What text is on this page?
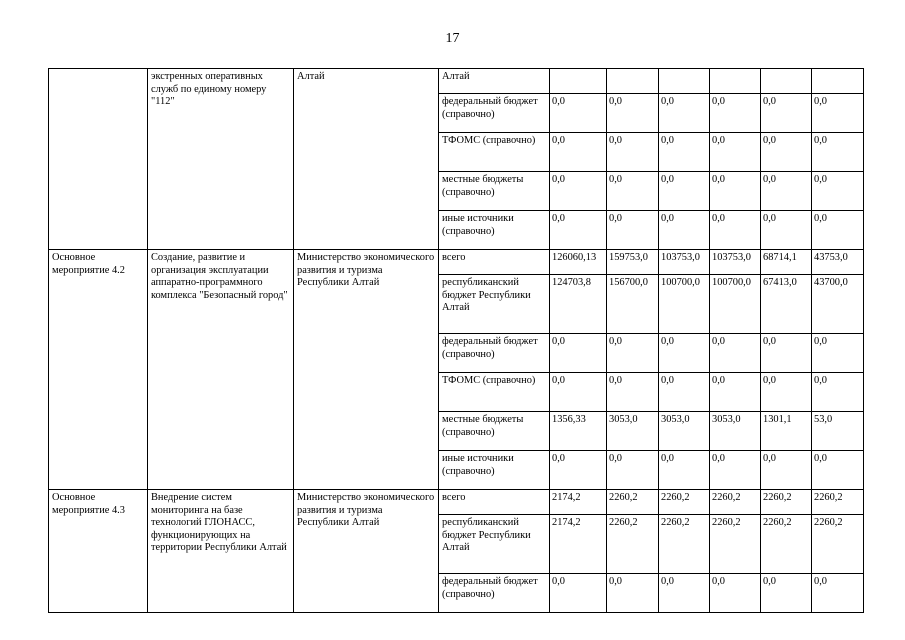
17
	экстренных оперативных служб по единому номеру "112"	Алтай	Алтай						
			федеральный бюджет (справочно)	0,0	0,0	0,0	0,0	0,0	0,0
			ТФОМС (справочно)	0,0	0,0	0,0	0,0	0,0	0,0
			местные бюджеты (справочно)	0,0	0,0	0,0	0,0	0,0	0,0
			иные источники (справочно)	0,0	0,0	0,0	0,0	0,0	0,0
Основное мероприятие 4.2	Создание, развитие и организация эксплуатации аппаратно-программного комплекса "Безопасный город"	Министерство экономического развития и туризма Республики Алтай	всего	126060,13	159753,0	103753,0	103753,0	68714,1	43753,0
			республиканский бюджет Республики Алтай	124703,8	156700,0	100700,0	100700,0	67413,0	43700,0
			федеральный бюджет (справочно)	0,0	0,0	0,0	0,0	0,0	0,0
			ТФОМС (справочно)	0,0	0,0	0,0	0,0	0,0	0,0
			местные бюджеты (справочно)	1356,33	3053,0	3053,0	3053,0	1301,1	53,0
			иные источники (справочно)	0,0	0,0	0,0	0,0	0,0	0,0
Основное мероприятие 4.3	Внедрение систем мониторинга на базе технологий ГЛОНАСС, функционирующих на территории Республики Алтай	Министерство экономического развития и туризма Республики Алтай	всего	2174,2	2260,2	2260,2	2260,2	2260,2	2260,2
			республиканский бюджет Республики Алтай	2174,2	2260,2	2260,2	2260,2	2260,2	2260,2
			федеральный бюджет (справочно)	0,0	0,0	0,0	0,0	0,0	0,0
